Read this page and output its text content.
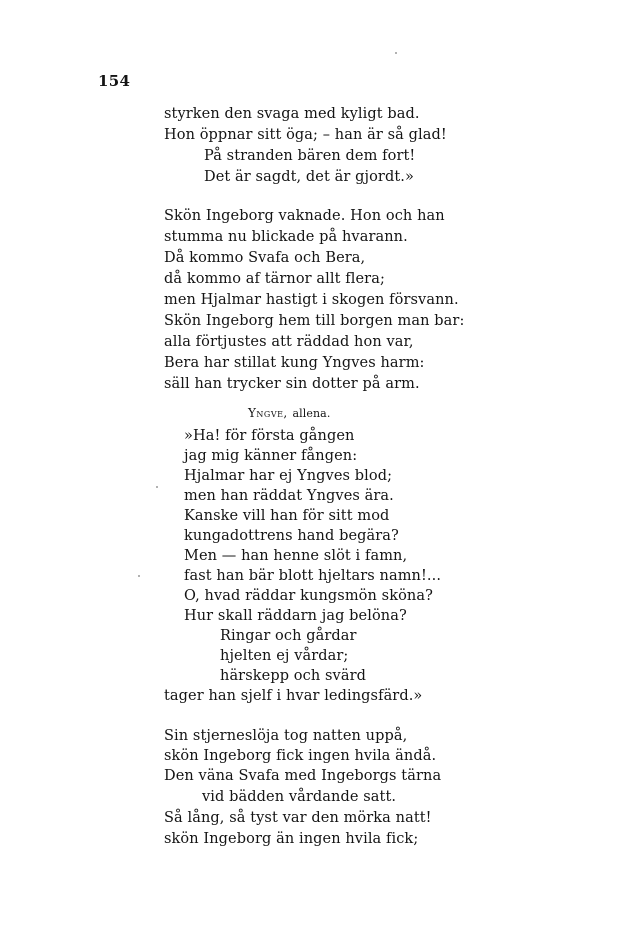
154
styrken den svaga med kyligt bad.
Hon öppnar sitt öga; – han är så glad!
På stranden bären dem fort!
Det är sagdt, det är gjordt.»
Skön Ingeborg vaknade. Hon och han
stumma nu blickade på hvarann.
Då kommo Svafa och Bera,
då kommo af tärnor allt flera;
men Hjalmar hastigt i skogen försvann.
Skön Ingeborg hem till borgen man bar:
alla förtjustes att räddad hon var,
Bera har stillat kung Yngves harm:
säll han trycker sin dotter på arm.
Yngve, allena.
»Ha! för första gången
jag mig känner fången:
Hjalmar har ej Yngves blod;
men han räddat Yngves ära.
Kanske vill han för sitt mod
kungadottrens hand begära?
Men — han henne slöt i famn,
fast han bär blott hjeltars namn!...
O, hvad räddar kungsmön sköna?
Hur skall räddarn jag belöna?
Ringar och gårdar
hjelten ej vårdar;
härskepp och svärd
tager han sjelf i hvar ledingsfärd.»
Sin stjerneslöja tog natten uppå,
skön Ingeborg fick ingen hvila ändå.
Den väna Svafa med Ingeborgs tärna
vid bädden vårdande satt.
Så lång, så tyst var den mörka natt!
skön Ingeborg än ingen hvila fick;
